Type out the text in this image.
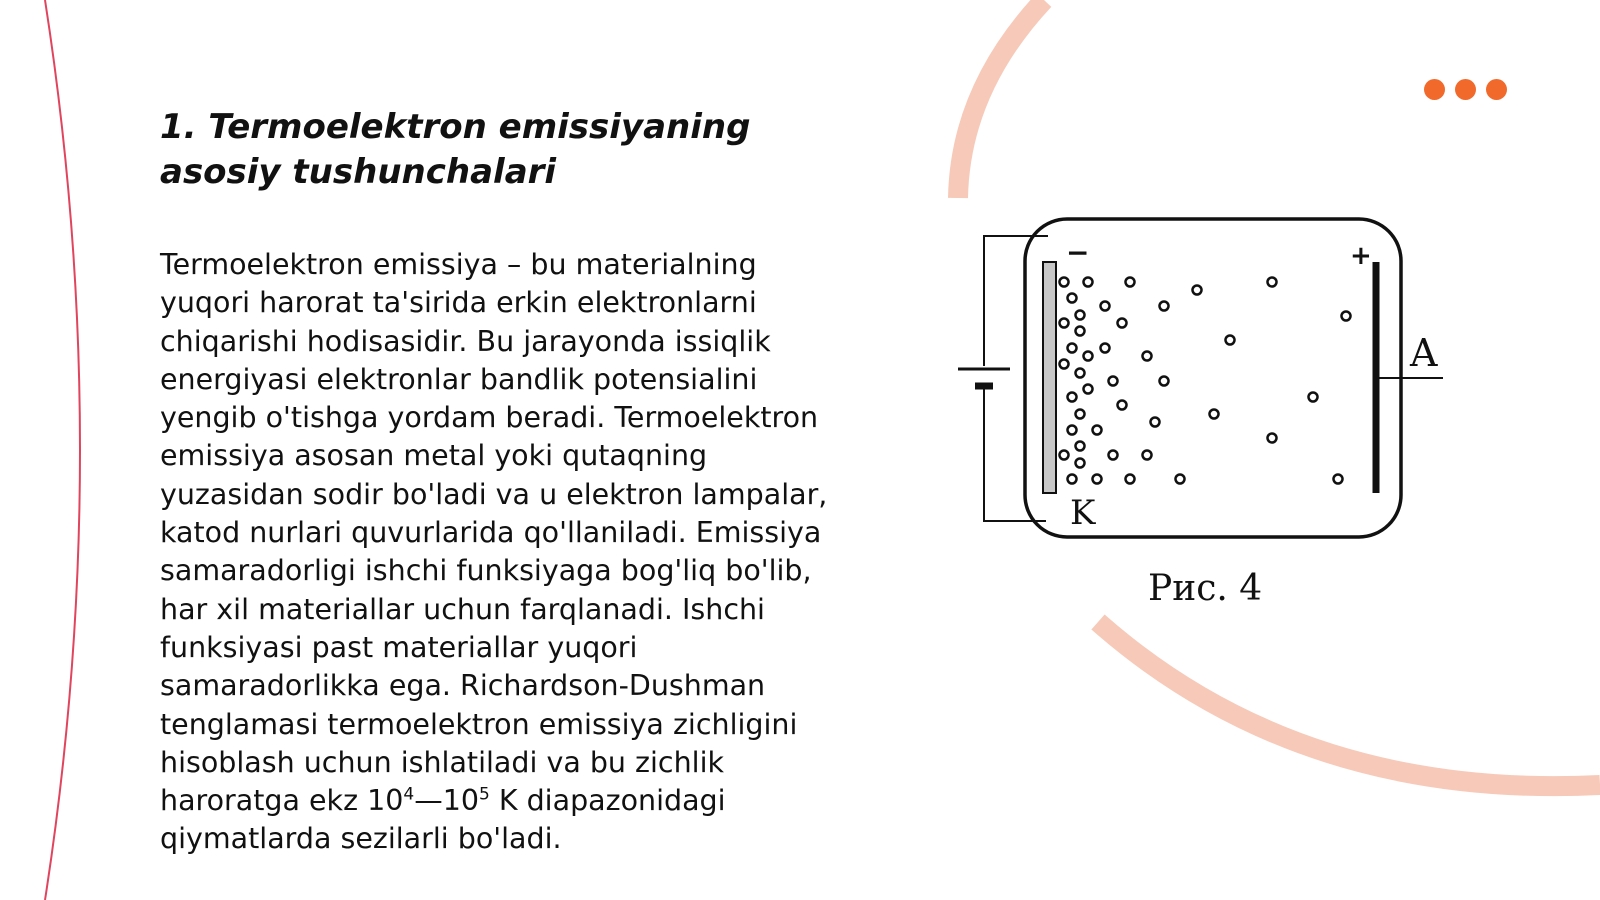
1. Termoelektron emissiyaning asosiy tushunchalari

Termoelektron emissiya – bu materialning yuqori harorat ta'sirida erkin elektronlarni chiqarishi hodisasidir. Bu jarayonda issiqlik energiyasi elektronlar bandlik potensialini yengib o'tishga yordam beradi. Termoelektron emissiya asosan metal yoki qutaqning yuzasidan sodir bo'ladi va u elektron lampalar, katod nurlari quvurlarida qo'llaniladi. Emissiya samaradorligi ishchi funksiyaga bog'liq bo'lib, har xil materiallar uchun farqlanadi. Ishchi funksiyasi past materiallar yuqori samaradorlikka ega. Richardson-Dushman tenglamasi termoelektron emissiya zichligini hisoblash uchun ishlatiladi va bu zichlik haroratga ekz $10^4—10^5$ K diapazonidagi qiymatlarda sezilarli bo'ladi.

−	+
A
K
Рис. 4
